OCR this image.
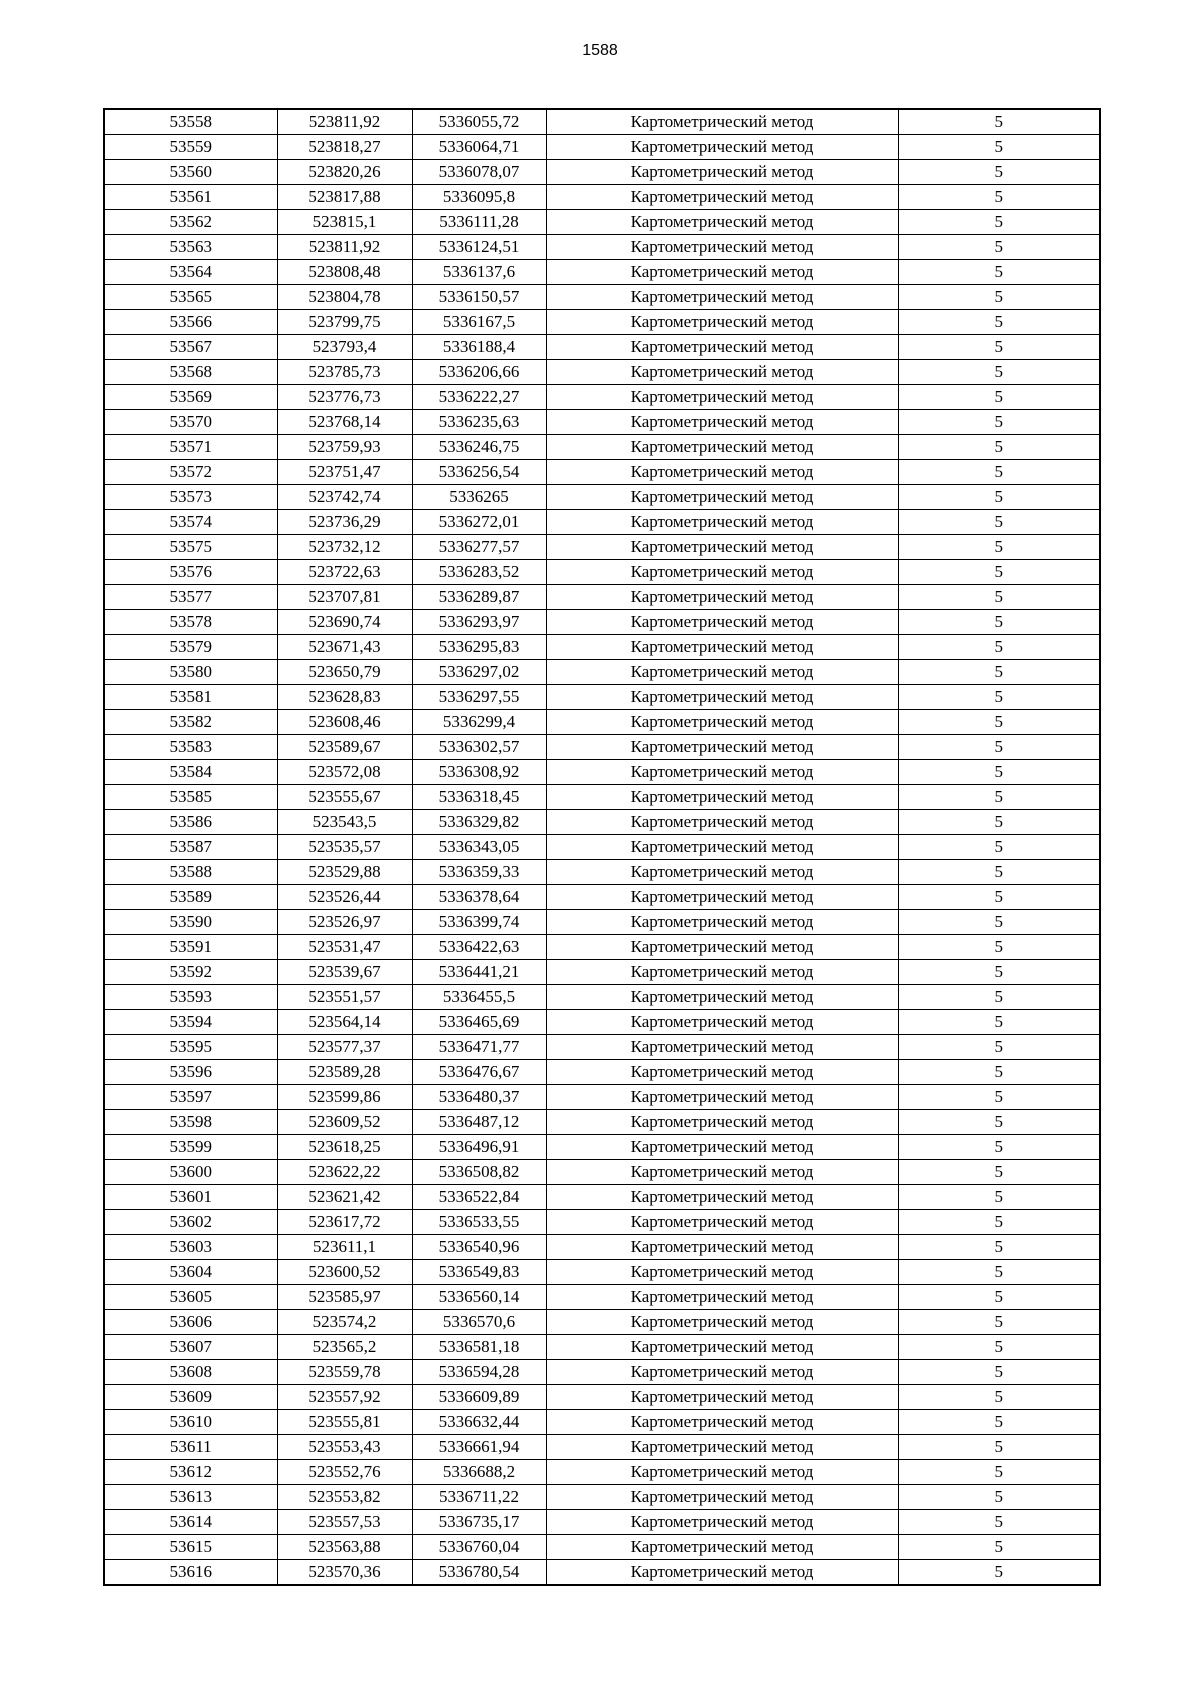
1588
53558	523811,92	5336055,72	Картометрический метод	5
53559	523818,27	5336064,71	Картометрический метод	5
53560	523820,26	5336078,07	Картометрический метод	5
53561	523817,88	5336095,8	Картометрический метод	5
53562	523815,1	5336111,28	Картометрический метод	5
53563	523811,92	5336124,51	Картометрический метод	5
53564	523808,48	5336137,6	Картометрический метод	5
53565	523804,78	5336150,57	Картометрический метод	5
53566	523799,75	5336167,5	Картометрический метод	5
53567	523793,4	5336188,4	Картометрический метод	5
53568	523785,73	5336206,66	Картометрический метод	5
53569	523776,73	5336222,27	Картометрический метод	5
53570	523768,14	5336235,63	Картометрический метод	5
53571	523759,93	5336246,75	Картометрический метод	5
53572	523751,47	5336256,54	Картометрический метод	5
53573	523742,74	5336265	Картометрический метод	5
53574	523736,29	5336272,01	Картометрический метод	5
53575	523732,12	5336277,57	Картометрический метод	5
53576	523722,63	5336283,52	Картометрический метод	5
53577	523707,81	5336289,87	Картометрический метод	5
53578	523690,74	5336293,97	Картометрический метод	5
53579	523671,43	5336295,83	Картометрический метод	5
53580	523650,79	5336297,02	Картометрический метод	5
53581	523628,83	5336297,55	Картометрический метод	5
53582	523608,46	5336299,4	Картометрический метод	5
53583	523589,67	5336302,57	Картометрический метод	5
53584	523572,08	5336308,92	Картометрический метод	5
53585	523555,67	5336318,45	Картометрический метод	5
53586	523543,5	5336329,82	Картометрический метод	5
53587	523535,57	5336343,05	Картометрический метод	5
53588	523529,88	5336359,33	Картометрический метод	5
53589	523526,44	5336378,64	Картометрический метод	5
53590	523526,97	5336399,74	Картометрический метод	5
53591	523531,47	5336422,63	Картометрический метод	5
53592	523539,67	5336441,21	Картометрический метод	5
53593	523551,57	5336455,5	Картометрический метод	5
53594	523564,14	5336465,69	Картометрический метод	5
53595	523577,37	5336471,77	Картометрический метод	5
53596	523589,28	5336476,67	Картометрический метод	5
53597	523599,86	5336480,37	Картометрический метод	5
53598	523609,52	5336487,12	Картометрический метод	5
53599	523618,25	5336496,91	Картометрический метод	5
53600	523622,22	5336508,82	Картометрический метод	5
53601	523621,42	5336522,84	Картометрический метод	5
53602	523617,72	5336533,55	Картометрический метод	5
53603	523611,1	5336540,96	Картометрический метод	5
53604	523600,52	5336549,83	Картометрический метод	5
53605	523585,97	5336560,14	Картометрический метод	5
53606	523574,2	5336570,6	Картометрический метод	5
53607	523565,2	5336581,18	Картометрический метод	5
53608	523559,78	5336594,28	Картометрический метод	5
53609	523557,92	5336609,89	Картометрический метод	5
53610	523555,81	5336632,44	Картометрический метод	5
53611	523553,43	5336661,94	Картометрический метод	5
53612	523552,76	5336688,2	Картометрический метод	5
53613	523553,82	5336711,22	Картометрический метод	5
53614	523557,53	5336735,17	Картометрический метод	5
53615	523563,88	5336760,04	Картометрический метод	5
53616	523570,36	5336780,54	Картометрический метод	5
